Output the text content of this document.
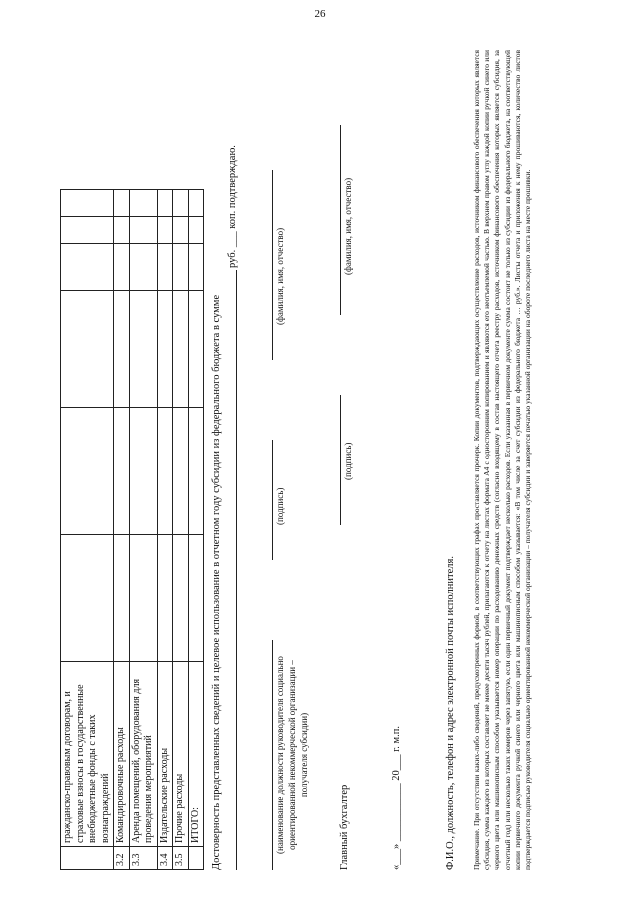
26
	гражданско-правовым договорам, и страховые взносы в государственные внебюджетные фонды с таких вознаграждений						
3.2	Командировочные расходы						
3.3	Аренда помещений, оборудования для проведения мероприятий						
3.4	Издательские расходы						
3.5	Прочие расходы						
	ИТОГО:						Достоверность представленных сведений и целевое использование в отчетном году субсидии из федерального бюджета в сумме
руб. ___ коп. подтверждаю.
(наименование должности руководителя социально ориентированной некоммерческой организации – получателя субсидии)
(подпись)
(фамилия, имя, отчество)
Главный бухгалтер
(подпись)
(фамилия, имя, отчество)
«___» ___________ 20___ г. м.п.	Ф.И.О., должность, телефон и адрес электронной почты исполнителя. Примечание. При отсутствии каких-либо сведений, предусмотренных формой, в соответствующих графах проставляется прочерк. Копии документов, подтверждающих осуществление расходов, источником финансового обеспечения которых является субсидия, сумма каждого из которых составляет не менее десяти тысяч рублей, прилагаются к отчету на листах формата А4 с односторонним копированием и являются его неотъемлемой частью. В верхнем правом углу каждой копии ручкой синего или черного цвета или машинописным способом указывается номер операции по расходованию денежных средств (согласно входящему в состав настоящего отчета реестру расходов, источником финансового обеспечения которых является субсидия, за отчетный год) или несколько таких номеров через запятую, если один первичный документ подтверждает несколько расходов. Если указанная в первичном документе сумма состоит не только из субсидии из федерального бюджета, на соответствующей копии первичного документа ручкой синего или черного цвета или машинописным способом указывается: «В том числе за счет субсидии из федерального бюджета … руб.». Листы отчета и приложения к нему прошиваются, количество листов подтверждается подписью руководителя социально ориентированной некоммерческой организации – получателя субсидии и заверяется печатью указанной организации на обороте последнего листа на месте прошивки.
